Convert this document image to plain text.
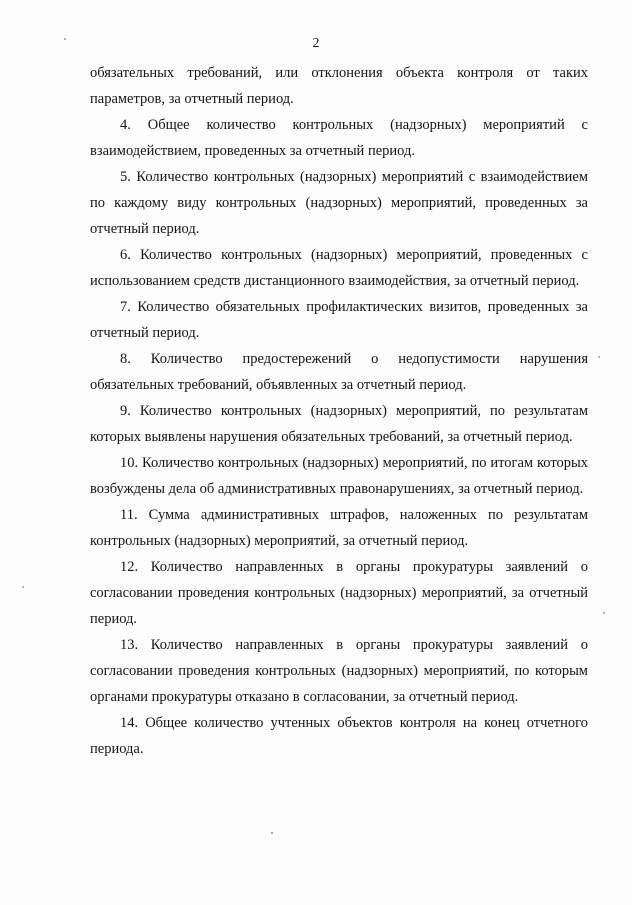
2

обязательных требований, или отклонения объекта контроля от таких параметров, за отчетный период.

4. Общее количество контрольных (надзорных) мероприятий с взаимодействием, проведенных за отчетный период.

5. Количество контрольных (надзорных) мероприятий с взаимодействием по каждому виду контрольных (надзорных) мероприятий, проведенных за отчетный период.

6. Количество контрольных (надзорных) мероприятий, проведенных с использованием средств дистанционного взаимодействия, за отчетный период.

7. Количество обязательных профилактических визитов, проведенных за отчетный период.

8. Количество предостережений о недопустимости нарушения обязательных требований, объявленных за отчетный период.

9. Количество контрольных (надзорных) мероприятий, по результатам которых выявлены нарушения обязательных требований, за отчетный период.

10. Количество контрольных (надзорных) мероприятий, по итогам которых возбуждены дела об административных правонарушениях, за отчетный период.

11. Сумма административных штрафов, наложенных по результатам контрольных (надзорных) мероприятий, за отчетный период.

12. Количество направленных в органы прокуратуры заявлений о согласовании проведения контрольных (надзорных) мероприятий, за отчетный период.

13. Количество направленных в органы прокуратуры заявлений о согласовании проведения контрольных (надзорных) мероприятий, по которым органами прокуратуры отказано в согласовании, за отчетный период.

14. Общее количество учтенных объектов контроля на конец отчетного периода.
